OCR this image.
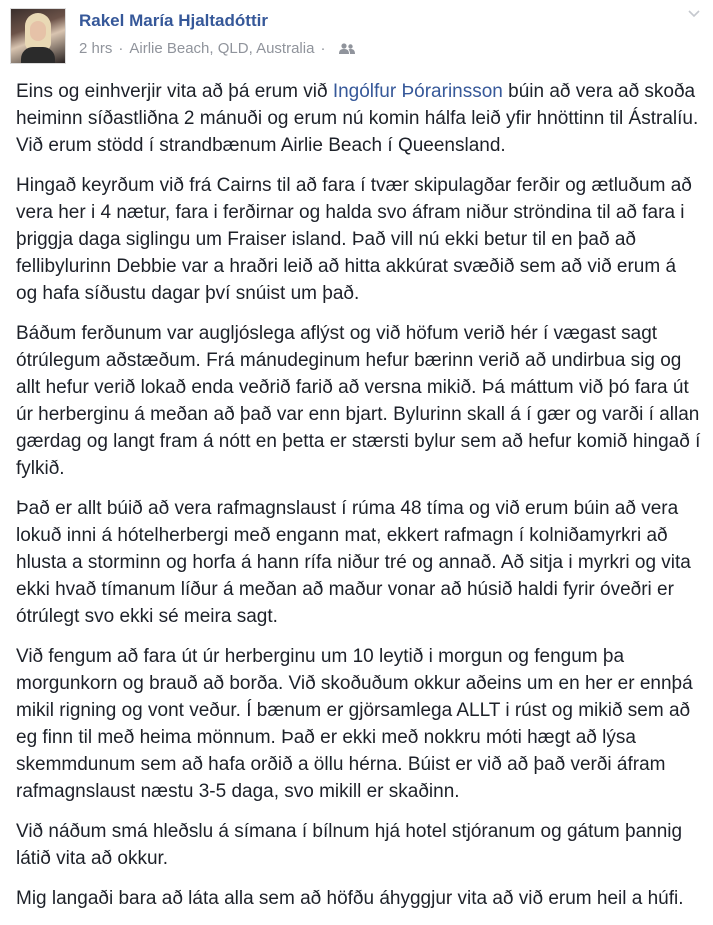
Rakel María Hjaltadóttir
2 hrs · Airlie Beach, QLD, Australia ·

Eins og einhverjir vita að þá erum við Ingólfur Þórarinsson búin að vera að skoða heiminn síðastliðna 2 mánuði og erum nú komin hálfa leið yfir hnöttinn til Ástralíu. Við erum stödd í strandbænum Airlie Beach í Queensland.

Hingað keyrðum við frá Cairns til að fara í tvær skipulagðar ferðir og ætluðum að vera her i 4 nætur, fara i ferðirnar og halda svo áfram niður ströndina til að fara i þriggja daga siglingu um Fraiser island. Það vill nú ekki betur til en það að fellibylurinn Debbie var a hraðri leið að hitta akkúrat svæðið sem að við erum á og hafa síðustu dagar því snúist um það.

Báðum ferðunum var augljóslega aflýst og við höfum verið hér í vægast sagt ótrúlegum aðstæðum. Frá mánudeginum hefur bærinn verið að undirbua sig og allt hefur verið lokað enda veðrið farið að versna mikið. Þá máttum við þó fara út úr herberginu á meðan að það var enn bjart. Bylurinn skall á í gær og varði í allan gærdag og langt fram á nótt en þetta er stærsti bylur sem að hefur komið hingað í fylkið.

Það er allt búið að vera rafmagnslaust í rúma 48 tíma og við erum búin að vera lokuð inni á hótelherbergi með engann mat, ekkert rafmagn í kolniðamyrkri að hlusta a storminn og horfa á hann rífa niður tré og annað. Að sitja i myrkri og vita ekki hvað tímanum líður á meðan að maður vonar að húsið haldi fyrir óveðri er ótrúlegt svo ekki sé meira sagt.

Við fengum að fara út úr herberginu um 10 leytið i morgun og fengum þa morgunkorn og brauð að borða. Við skoðuðum okkur aðeins um en her er ennþá mikil rigning og vont veður. Í bænum er gjörsamlega ALLT i rúst og mikið sem að eg finn til með heima mönnum. Það er ekki með nokkru móti hægt að lýsa skemmdunum sem að hafa orðið a öllu hérna. Búist er við að það verði áfram rafmagnslaust næstu 3-5 daga, svo mikill er skaðinn.

Við náðum smá hleðslu á símana í bílnum hjá hotel stjóranum og gátum þannig látið vita að okkur.

Mig langaði bara að láta alla sem að höfðu áhyggjur vita að við erum heil a húfi.
